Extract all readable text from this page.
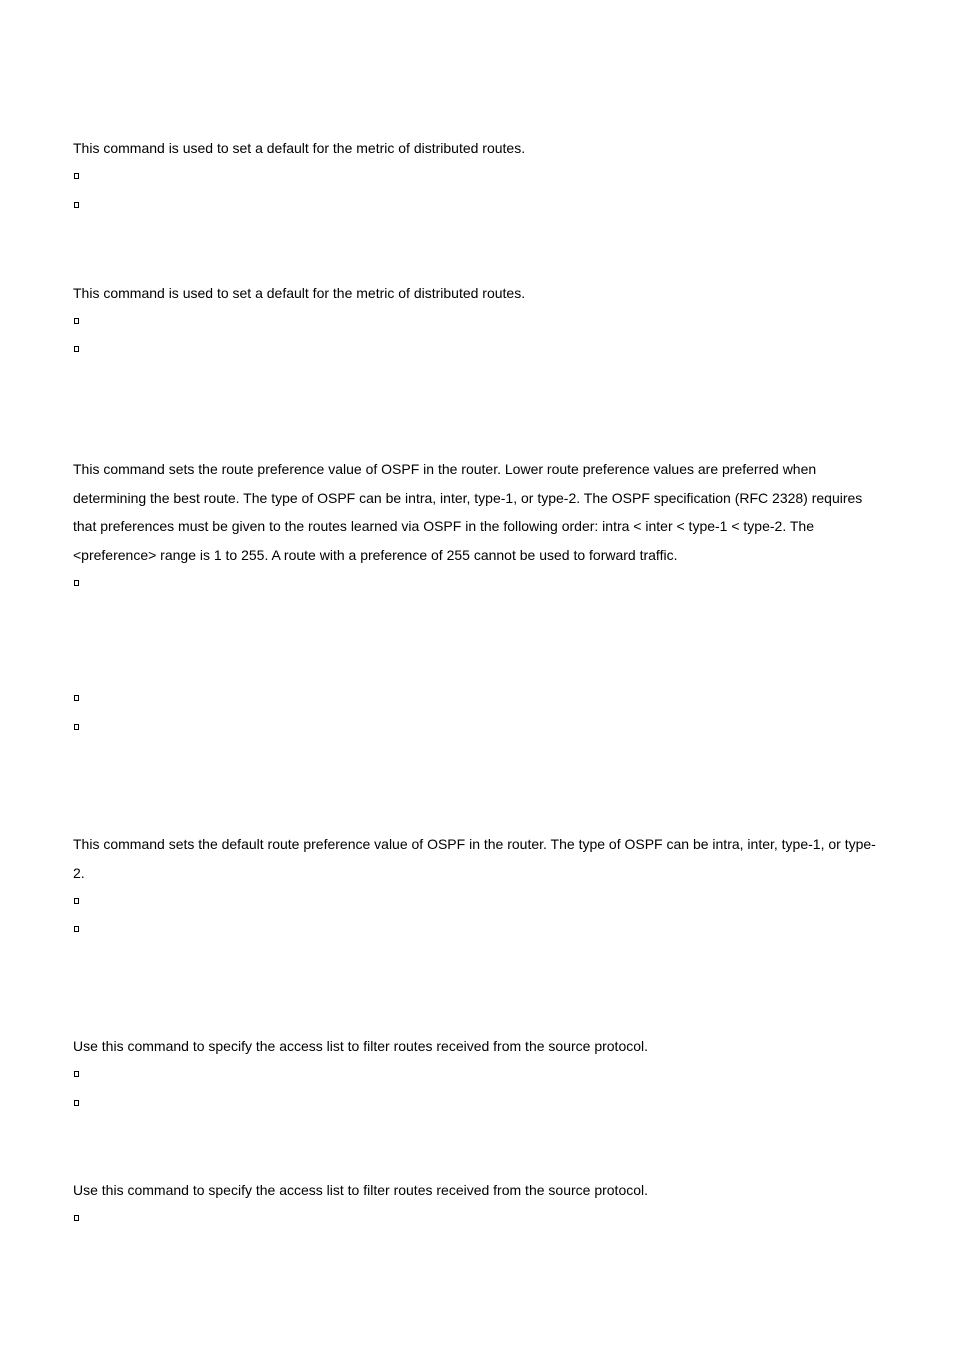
This command is used to set a default for the metric of distributed routes.

This command is used to set a default for the metric of distributed routes.

This command sets the route preference value of OSPF in the router. Lower route preference values are preferred when determining the best route. The type of OSPF can be intra, inter, type-1, or type-2. The OSPF specification (RFC 2328) requires that preferences must be given to the routes learned via OSPF in the following order: intra < inter < type-1 < type-2. The <preference> range is 1 to 255. A route with a preference of 255 cannot be used to forward traffic.

This command sets the default route preference value of OSPF in the router. The type of OSPF can be intra, inter, type-1, or type-2.

Use this command to specify the access list to filter routes received from the source protocol.

Use this command to specify the access list to filter routes received from the source protocol.
